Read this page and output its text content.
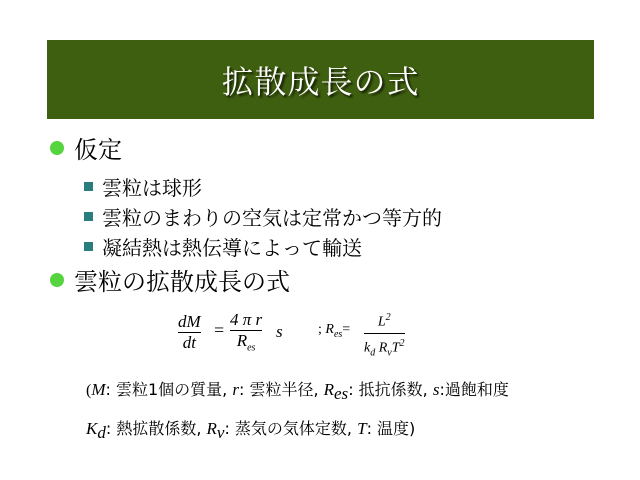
拡散成長の式
仮定
雲粒は球形
雲粒のまわりの空気は定常かつ等方的
凝結熱は熱伝導によって輸送
雲粒の拡散成長の式
dM
dt
=
4 π r
$R_{es}$
s	; $R_{es}= L^2$
$k_d$ $R_vT^2$
(M: 雲粒1個の質量, r: 雲粒半径, Res: 抵抗係数, s:過飽和度
Kd: 熱拡散係数, Rv: 蒸気の気体定数, T: 温度)
